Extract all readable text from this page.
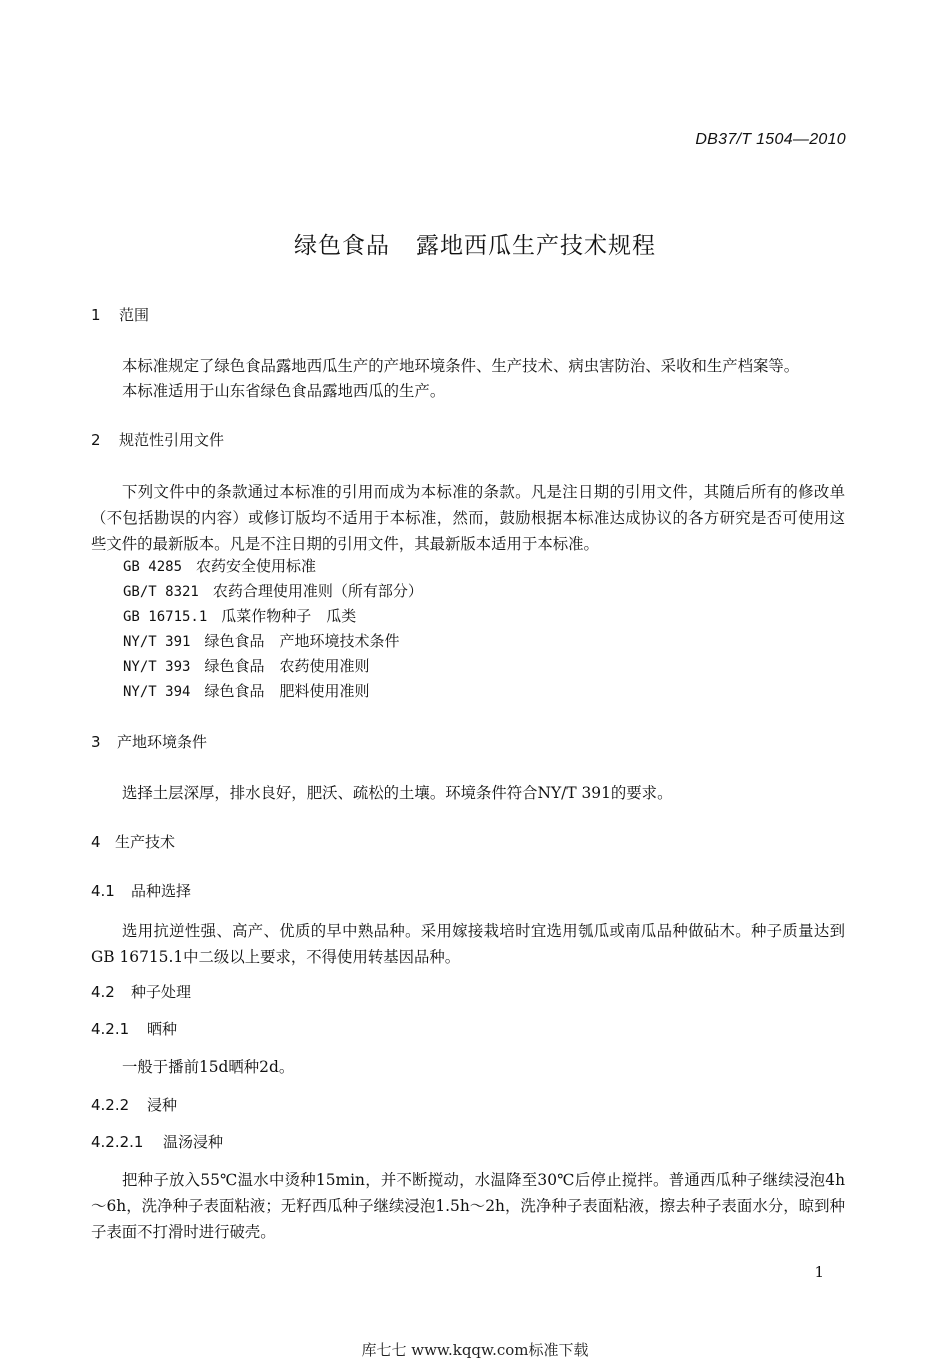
DB37/T 1504—2010
绿色食品 露地西瓜生产技术规程
1 范围
本标准规定了绿色食品露地西瓜生产的产地环境条件、生产技术、病虫害防治、采收和生产档案等。
本标准适用于山东省绿色食品露地西瓜的生产。
2 规范性引用文件
下列文件中的条款通过本标准的引用而成为本标准的条款。凡是注日期的引用文件，其随后所有的修改单（不包括勘误的内容）或修订版均不适用于本标准，然而，鼓励根据本标准达成协议的各方研究是否可使用这些文件的最新版本。凡是不注日期的引用文件，其最新版本适用于本标准。
GB 4285 农药安全使用标准
GB/T 8321 农药合理使用准则（所有部分）
GB 16715.1 瓜菜作物种子　瓜类
NY/T 391 绿色食品　产地环境技术条件
NY/T 393 绿色食品　农药使用准则
NY/T 394 绿色食品　肥料使用准则
3 产地环境条件
选择土层深厚，排水良好，肥沃、疏松的土壤。环境条件符合NY/T 391的要求。
4 生产技术
4.1 品种选择
选用抗逆性强、高产、优质的早中熟品种。采用嫁接栽培时宜选用瓠瓜或南瓜品种做砧木。种子质量达到GB 16715.1中二级以上要求，不得使用转基因品种。
4.2 种子处理
4.2.1 晒种
一般于播前15d晒种2d。
4.2.2 浸种
4.2.2.1 温汤浸种
把种子放入55℃温水中烫种15min，并不断搅动，水温降至30℃后停止搅拌。普通西瓜种子继续浸泡4h～6h，洗净种子表面粘液；无籽西瓜种子继续浸泡1.5h～2h，洗净种子表面粘液，擦去种子表面水分，晾到种子表面不打滑时进行破壳。
1
库七七 www.kqqw.com标准下载
